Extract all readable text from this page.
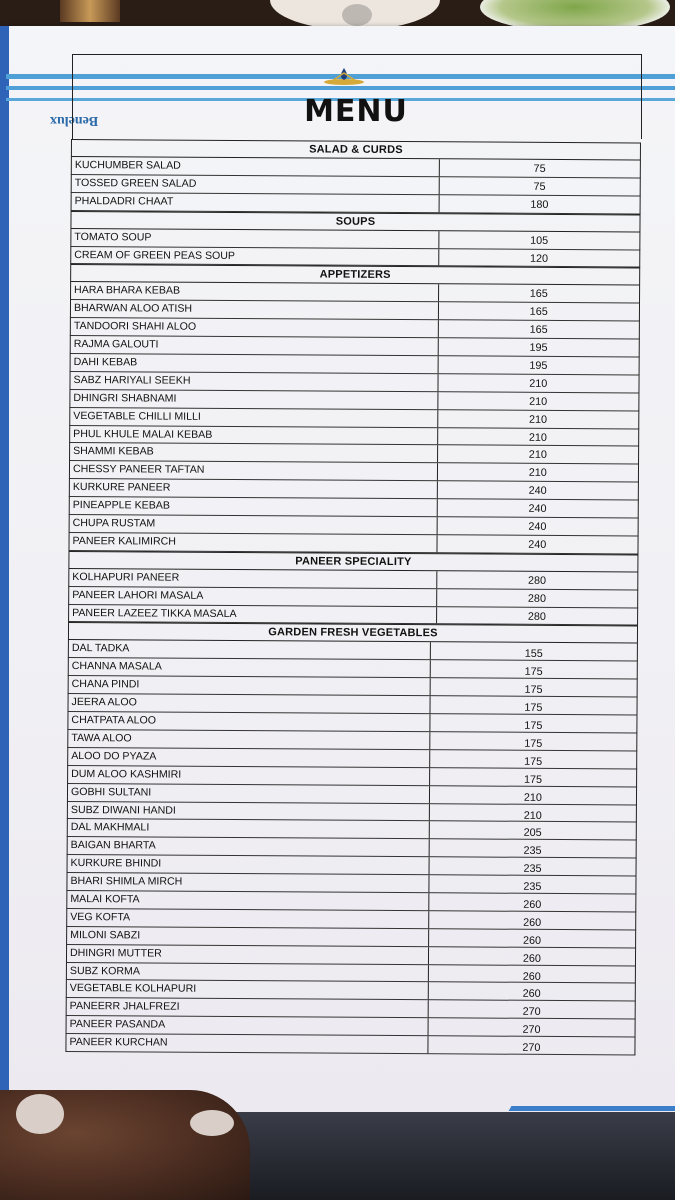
Benelux	MENU
SALAD & CURDS
KUCHUMBER SALAD	75
TOSSED GREEN SALAD	75
PHALDADRI CHAAT	180
SOUPS
TOMATO SOUP	105
CREAM OF GREEN PEAS SOUP	120
APPETIZERS
HARA BHARA KEBAB	165
BHARWAN ALOO ATISH	165
TANDOORI SHAHI ALOO	165
RAJMA GALOUTI	195
DAHI KEBAB	195
SABZ HARIYALI SEEKH	210
DHINGRI SHABNAMI	210
VEGETABLE CHILLI MILLI	210
PHUL KHULE MALAI KEBAB	210
SHAMMI KEBAB	210
CHESSY PANEER TAFTAN	210
KURKURE PANEER	240
PINEAPPLE KEBAB	240
CHUPA RUSTAM	240
PANEER KALIMIRCH	240
PANEER SPECIALITY
KOLHAPURI PANEER	280
PANEER LAHORI MASALA	280
PANEER LAZEEZ TIKKA MASALA	280
GARDEN FRESH VEGETABLES
DAL TADKA	155
CHANNA MASALA	175
CHANA PINDI	175
JEERA ALOO	175
CHATPATA ALOO	175
TAWA ALOO	175
ALOO DO PYAZA	175
DUM ALOO KASHMIRI	175
GOBHI SULTANI	210
SUBZ DIWANI HANDI	210
DAL MAKHMALI	205
BAIGAN BHARTA	235
KURKURE BHINDI	235
BHARI SHIMLA MIRCH	235
MALAI KOFTA	260
VEG KOFTA	260
MILONI SABZI	260
DHINGRI MUTTER	260
SUBZ KORMA	260
VEGETABLE KOLHAPURI	260
PANEERR JHALFREZI	270
PANEER PASANDA	270
PANEER KURCHAN	270
